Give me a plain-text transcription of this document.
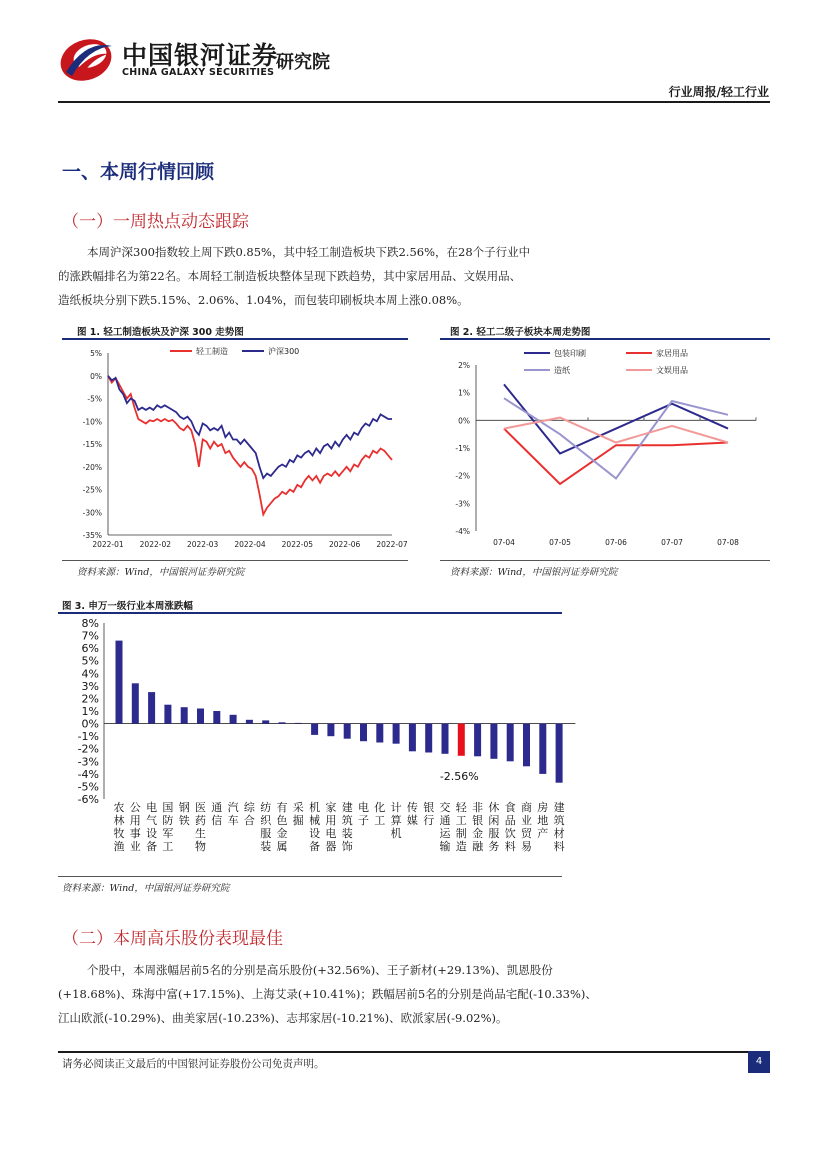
中国银河证券
CHINA GALAXY SECURITIES 研究院
行业周报/轻工行业
一、本周行情回顾
（一）一周热点动态跟踪

本周沪深300指数较上周下跌0.85%，其中轻工制造板块下跌2.56%，在28个子行业中

的涨跌幅排名为第22名。本周轻工制造板块整体呈现下跌趋势，其中家居用品、文娱用品、

造纸板块分别下跌5.15%、2.06%、1.04%，而包装印刷板块本周上涨0.08%。

图 1. 轻工制造板块及沪深 300 走势图
5%
0%
-5%
-10%
-15%
-20%
-25%
-30%
-35%
2022-01 2022-02 2022-03 2022-04 2022-05 2022-06 2022-07
轻工制造	沪深300
资料来源：Wind，中国银河证券研究院
图 2. 轻工二级子板块本周走势图
2%
1%
0%
-1%
-2%
-3%
-4%
07-04	07-05	07-06	07-07	07-08
包装印刷	家居用品
造纸	文娱用品
资料来源：Wind，中国银河证券研究院
图 3. 申万一级行业本周涨跌幅
8%
7%
6%
5%
4%
3%
2%
1%
0%
-1%
-2%
-3%
-4%
-5%
-6%
农
林
牧
渔
公
用
事
业
电
气
设
备
国
防
军
工
钢
铁
医
药
生
物
通
信
汽
车
综
合
纺
织
服
装
有
色
金
属
采
掘
机
械
设
备
家
用
电
器
建
筑
装
饰
电
子
化
工
计
算
机
传
媒
银
行
交
通
运
输
轻
工
制
造
-2.56%
非
银
金
融
休
闲
服
务
食
品
饮
料
商
业
贸
易
房
地
产
建
筑
材
料
资料来源：Wind，中国银河证券研究院
（二）本周高乐股份表现最佳

个股中，本周涨幅居前5名的分别是高乐股份(+32.56%)、王子新材(+29.13%)、凯恩股份

(+18.68%)、珠海中富(+17.15%)、上海艾录(+10.41%)；跌幅居前5名的分别是尚品宅配(-10.33%)、

江山欧派(-10.29%)、曲美家居(-10.23%)、志邦家居(-10.21%)、欧派家居(-9.02%)。

请务必阅读正文最后的中国银河证券股份公司免责声明。	4
